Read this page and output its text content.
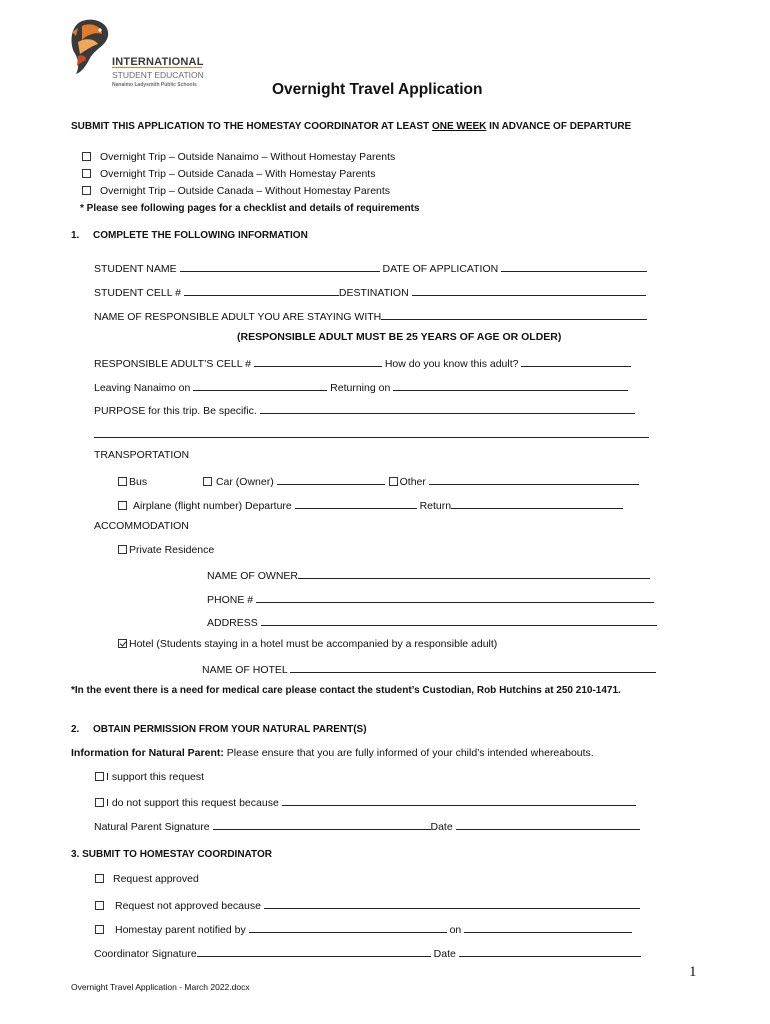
INTERNATIONAL
STUDENT EDUCATION
Nanaimo Ladysmith Public Schools	Overnight Travel Application
SUBMIT THIS APPLICATION TO THE HOMESTAY COORDINATOR AT LEAST ONE WEEK IN ADVANCE OF DEPARTURE
Overnight Trip – Outside Nanaimo – Without Homestay Parents
Overnight Trip – Outside Canada – With Homestay Parents
Overnight Trip – Outside Canada – Without Homestay Parents
* Please see following pages for a checklist and details of requirements
1. COMPLETE THE FOLLOWING INFORMATION
STUDENT NAME	DATE OF APPLICATION
STUDENT CELL #	DESTINATION
NAME OF RESPONSIBLE ADULT YOU ARE STAYING WITH
(RESPONSIBLE ADULT MUST BE 25 YEARS OF AGE OR OLDER)
RESPONSIBLE ADULT’S CELL #	How do you know this adult?
Leaving Nanaimo on	Returning on
PURPOSE for this trip. Be specific.
TRANSPORTATION
Bus	Car (Owner)	Other
Airplane (flight number) Departure	Return
ACCOMMODATION
Private Residence
NAME OF OWNER
PHONE #
ADDRESS
Hotel (Students staying in a hotel must be accompanied by a responsible adult)
NAME OF HOTEL
*In the event there is a need for medical care please contact the student’s Custodian, Rob Hutchins at 250 210-1471.
2. OBTAIN PERMISSION FROM YOUR NATURAL PARENT(S)
Information for Natural Parent: Please ensure that you are fully informed of your child’s intended whereabouts.
I support this request
I do not support this request because
Natural Parent Signature	Date
3. SUBMIT TO HOMESTAY COORDINATOR
Request approved
Request not approved because
Homestay parent notified by	on
Coordinator Signature	Date
1
Overnight Travel Application - March 2022.docx
